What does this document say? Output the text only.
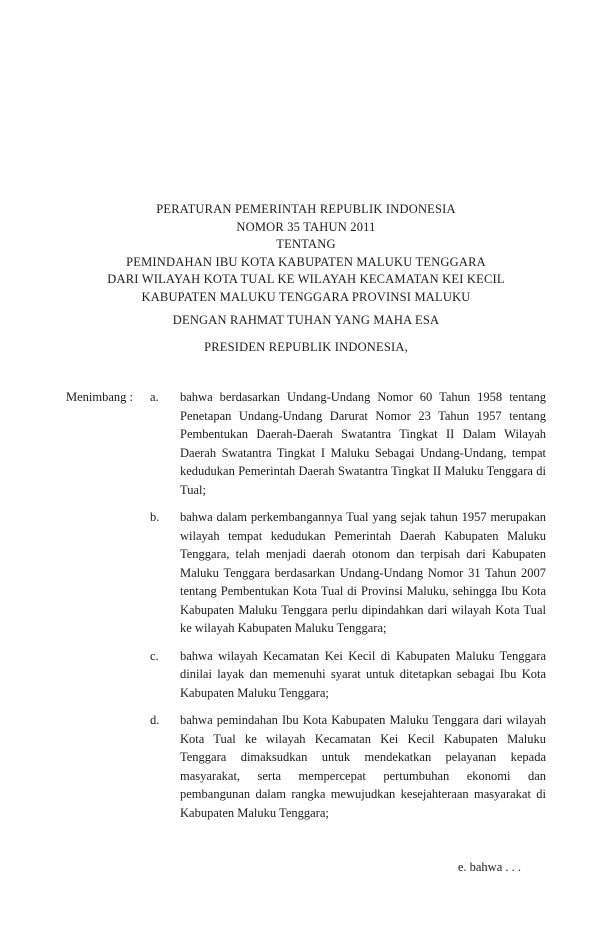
PERATURAN PEMERINTAH REPUBLIK INDONESIA
NOMOR 35 TAHUN 2011
TENTANG
PEMINDAHAN IBU KOTA KABUPATEN MALUKU TENGGARA
DARI WILAYAH KOTA TUAL KE WILAYAH KECAMATAN KEI KECIL
KABUPATEN MALUKU TENGGARA PROVINSI MALUKU
DENGAN RAHMAT TUHAN YANG MAHA ESA
PRESIDEN REPUBLIK INDONESIA,
Menimbang :	a.	bahwa berdasarkan Undang-Undang Nomor 60 Tahun 1958 tentang Penetapan Undang-Undang Darurat Nomor 23 Tahun 1957 tentang Pembentukan Daerah-Daerah Swatantra Tingkat II Dalam Wilayah Daerah Swatantra Tingkat I Maluku Sebagai Undang-Undang, tempat kedudukan Pemerintah Daerah Swatantra Tingkat II Maluku Tenggara di Tual;
b.	bahwa dalam perkembangannya Tual yang sejak tahun 1957 merupakan wilayah tempat kedudukan Pemerintah Daerah Kabupaten Maluku Tenggara, telah menjadi daerah otonom dan terpisah dari Kabupaten Maluku Tenggara berdasarkan Undang-Undang Nomor 31 Tahun 2007 tentang Pembentukan Kota Tual di Provinsi Maluku, sehingga Ibu Kota Kabupaten Maluku Tenggara perlu dipindahkan dari wilayah Kota Tual ke wilayah Kabupaten Maluku Tenggara;
c.	bahwa wilayah Kecamatan Kei Kecil di Kabupaten Maluku Tenggara dinilai layak dan memenuhi syarat untuk ditetapkan sebagai Ibu Kota Kabupaten Maluku Tenggara;
d.	bahwa pemindahan Ibu Kota Kabupaten Maluku Tenggara dari wilayah Kota Tual ke wilayah Kecamatan Kei Kecil Kabupaten Maluku Tenggara dimaksudkan untuk mendekatkan pelayanan kepada masyarakat, serta mempercepat pertumbuhan ekonomi dan pembangunan dalam rangka mewujudkan kesejahteraan masyarakat di Kabupaten Maluku Tenggara;
e. bahwa . . .
